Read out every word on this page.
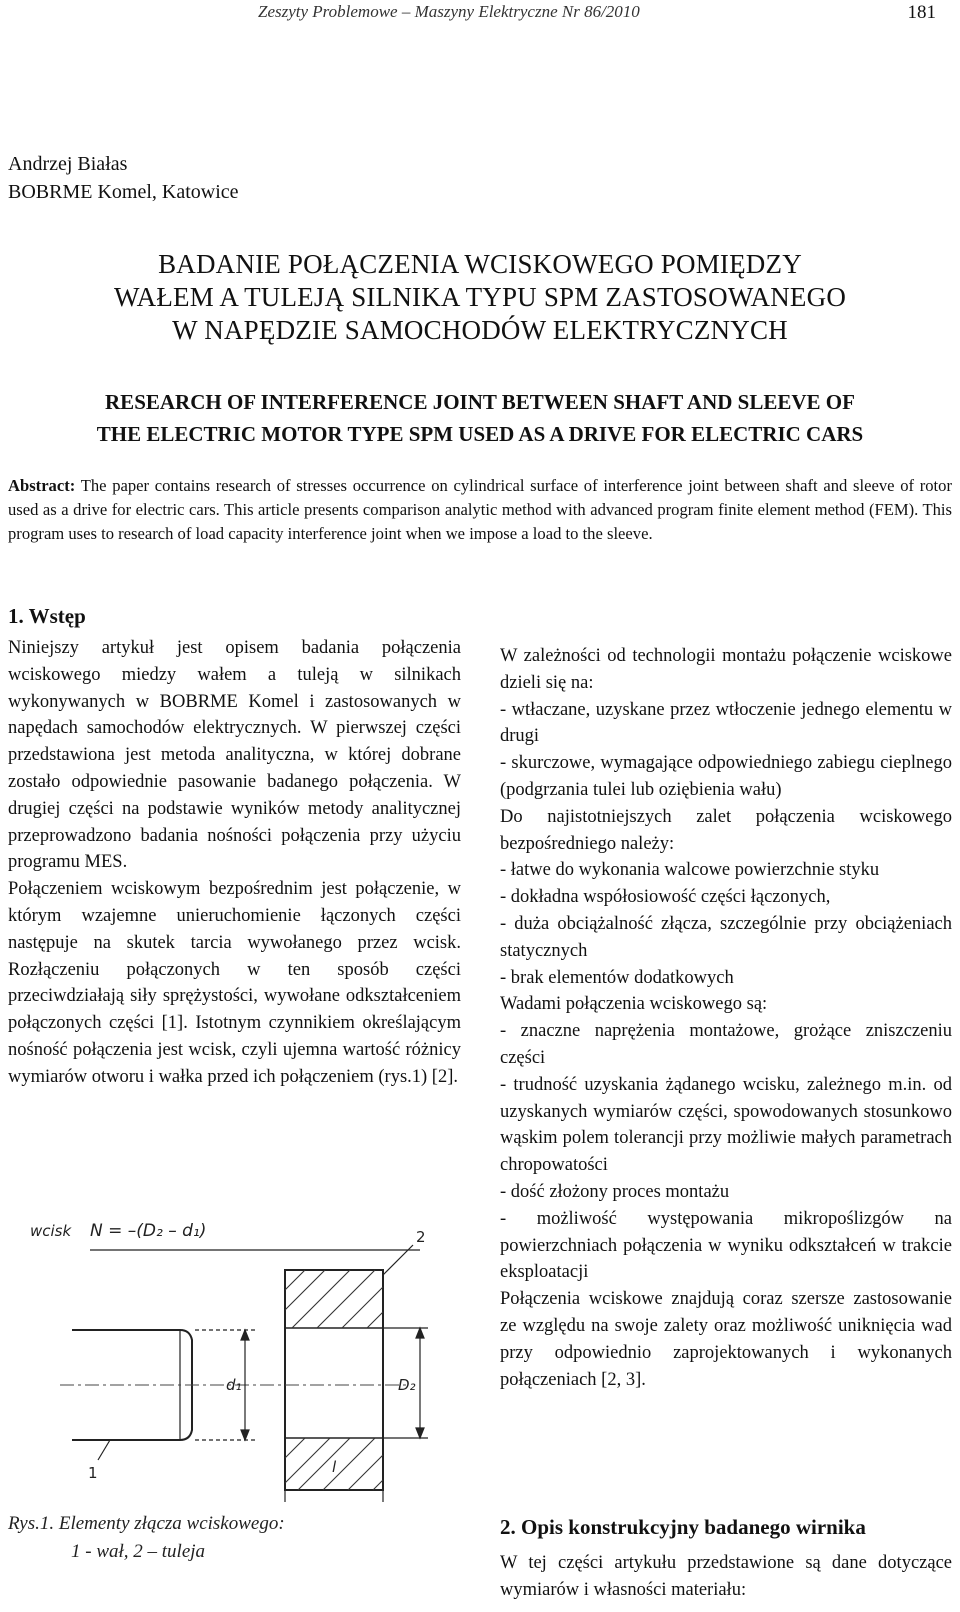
Zeszyty Problemowe – Maszyny Elektryczne Nr 86/2010	181
Andrzej Białas
BOBRME Komel, Katowice
BADANIE POŁĄCZENIA WCISKOWEGO POMIĘDZY
WAŁEM A TULEJĄ SILNIKA TYPU SPM ZASTOSOWANEGO
W NAPĘDZIE SAMOCHODÓW ELEKTRYCZNYCH
RESEARCH OF INTERFERENCE JOINT BETWEEN SHAFT AND SLEEVE OF
THE ELECTRIC MOTOR TYPE SPM USED AS A DRIVE FOR ELECTRIC CARS
Abstract: The paper contains research of stresses occurrence on cylindrical surface of interference joint between shaft and sleeve of rotor used as a drive for electric cars. This article presents comparison analytic method with advanced program finite element method (FEM). This program uses to research of load capacity interference joint when we impose a load to the sleeve.
1. Wstęp

Niniejszy artykuł jest opisem badania połączenia wciskowego miedzy wałem a tuleją w silnikach wykonywanych w BOBRME Komel i zastosowanych w napędach samochodów elektrycznych. W pierwszej części przedstawiona jest metoda analityczna, w której dobrane zostało odpowiednie pasowanie badanego połączenia. W drugiej części na podstawie wyników metody analitycznej przeprowadzono badania nośności połączenia przy użyciu programu MES.

Połączeniem wciskowym bezpośrednim jest połączenie, w którym wzajemne unieruchomienie łączonych części następuje na skutek tarcia wywołanego przez wcisk. Rozłączeniu połączonych w ten sposób części przeciwdziałają siły sprężystości, wywołane odkształceniem połączonych części [1]. Istotnym czynnikiem określającym nośność połączenia jest wcisk, czyli ujemna wartość różnicy wymiarów otworu i wałka przed ich połączeniem (rys.1) [2].

wcisk N = –(D₂ – d₁)
d₁	D₂
l
1
2
Rys.1. Elementy złącza wciskowego:
1 - wał, 2 – tuleja

W zależności od technologii montażu połączenie wciskowe dzieli się na:

- wtłaczane, uzyskane przez wtłoczenie jednego elementu w drugi

- skurczowe, wymagające odpowiedniego zabiegu cieplnego (podgrzania tulei lub oziębienia wału)

Do najistotniejszych zalet połączenia wciskowego bezpośredniego należy:

- łatwe do wykonania walcowe powierzchnie styku

- dokładna współosiowość części łączonych,

- duża obciążalność złącza, szczególnie przy obciążeniach statycznych

- brak elementów dodatkowych

Wadami połączenia wciskowego są:

- znaczne naprężenia montażowe, grożące zniszczeniu części

- trudność uzyskania żądanego wcisku, zależnego m.in. od uzyskanych wymiarów części, spowodowanych stosunkowo wąskim polem tolerancji przy możliwie małych parametrach chropowatości

- dość złożony proces montażu

- możliwość występowania mikropoślizgów na powierzchniach połączenia w wyniku odkształceń w trakcie eksploatacji

Połączenia wciskowe znajdują coraz szersze zastosowanie ze względu na swoje zalety oraz możliwość uniknięcia wad przy odpowiednio zaprojektowanych i wykonanych połączeniach [2, 3].

2. Opis konstrukcyjny badanego wirnika
W tej części artykułu przedstawione są dane dotyczące wymiarów i własności materiału:
